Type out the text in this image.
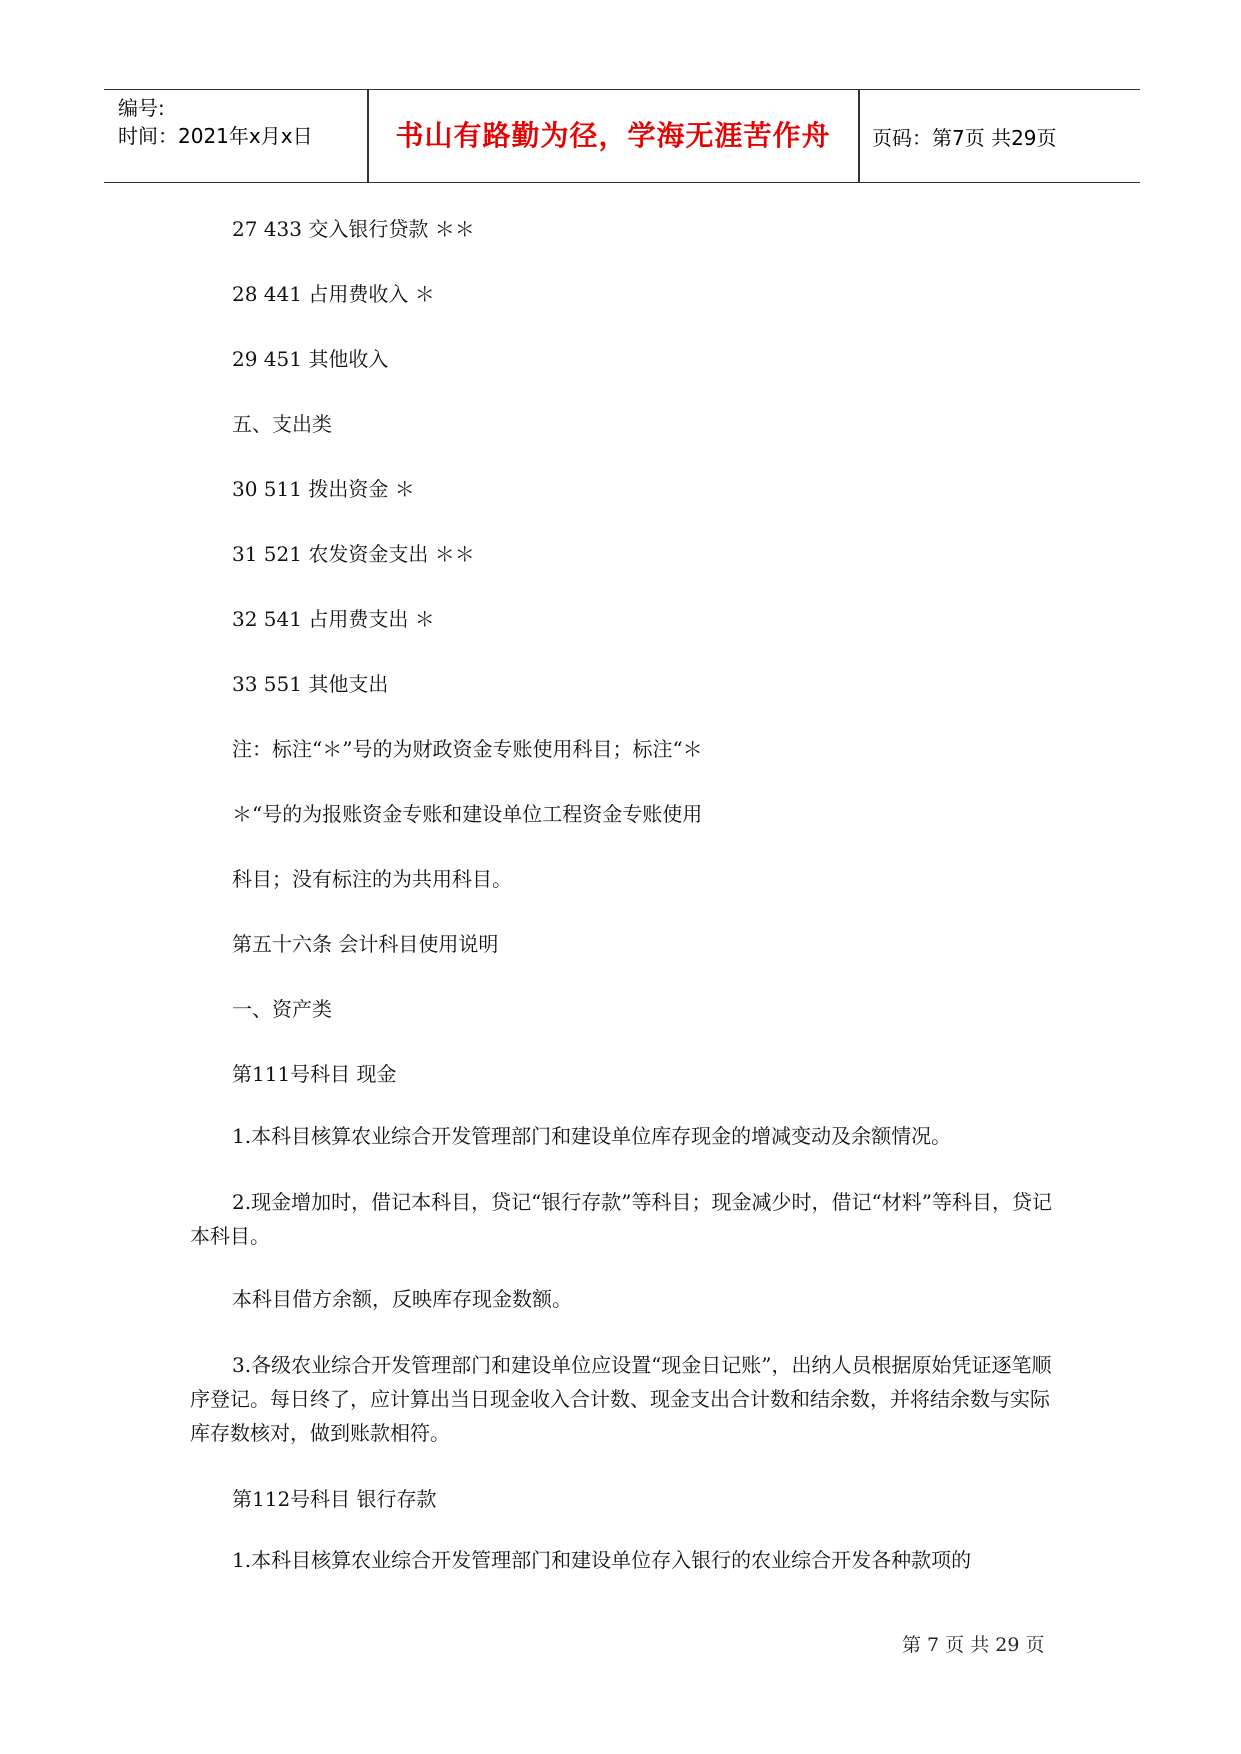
编号:
时间：2021年x月x日	书山有路勤为径，学海无涯苦作舟	页码：第7页 共29页
27 433 交入银行贷款 ＊＊
28 441 占用费收入 ＊
29 451 其他收入
五、支出类
30 511 拨出资金 ＊
31 521 农发资金支出 ＊＊
32 541 占用费支出 ＊
33 551 其他支出
注：标注“＊”号的为财政资金专账使用科目；标注“＊
＊“号的为报账资金专账和建设单位工程资金专账使用
科目；没有标注的为共用科目。
第五十六条 会计科目使用说明
一、资产类
第111号科目 现金
1.本科目核算农业综合开发管理部门和建设单位库存现金的增减变动及余额情况。
2.现金增加时，借记本科目，贷记“银行存款”等科目；现金减少时，借记“材料”等科目，贷记本科目。
本科目借方余额，反映库存现金数额。
3.各级农业综合开发管理部门和建设单位应设置“现金日记账”，出纳人员根据原始凭证逐笔顺序登记。每日终了，应计算出当日现金收入合计数、现金支出合计数和结余数，并将结余数与实际库存数核对，做到账款相符。
第112号科目 银行存款
1.本科目核算农业综合开发管理部门和建设单位存入银行的农业综合开发各种款项的
第 7 页 共 29 页
